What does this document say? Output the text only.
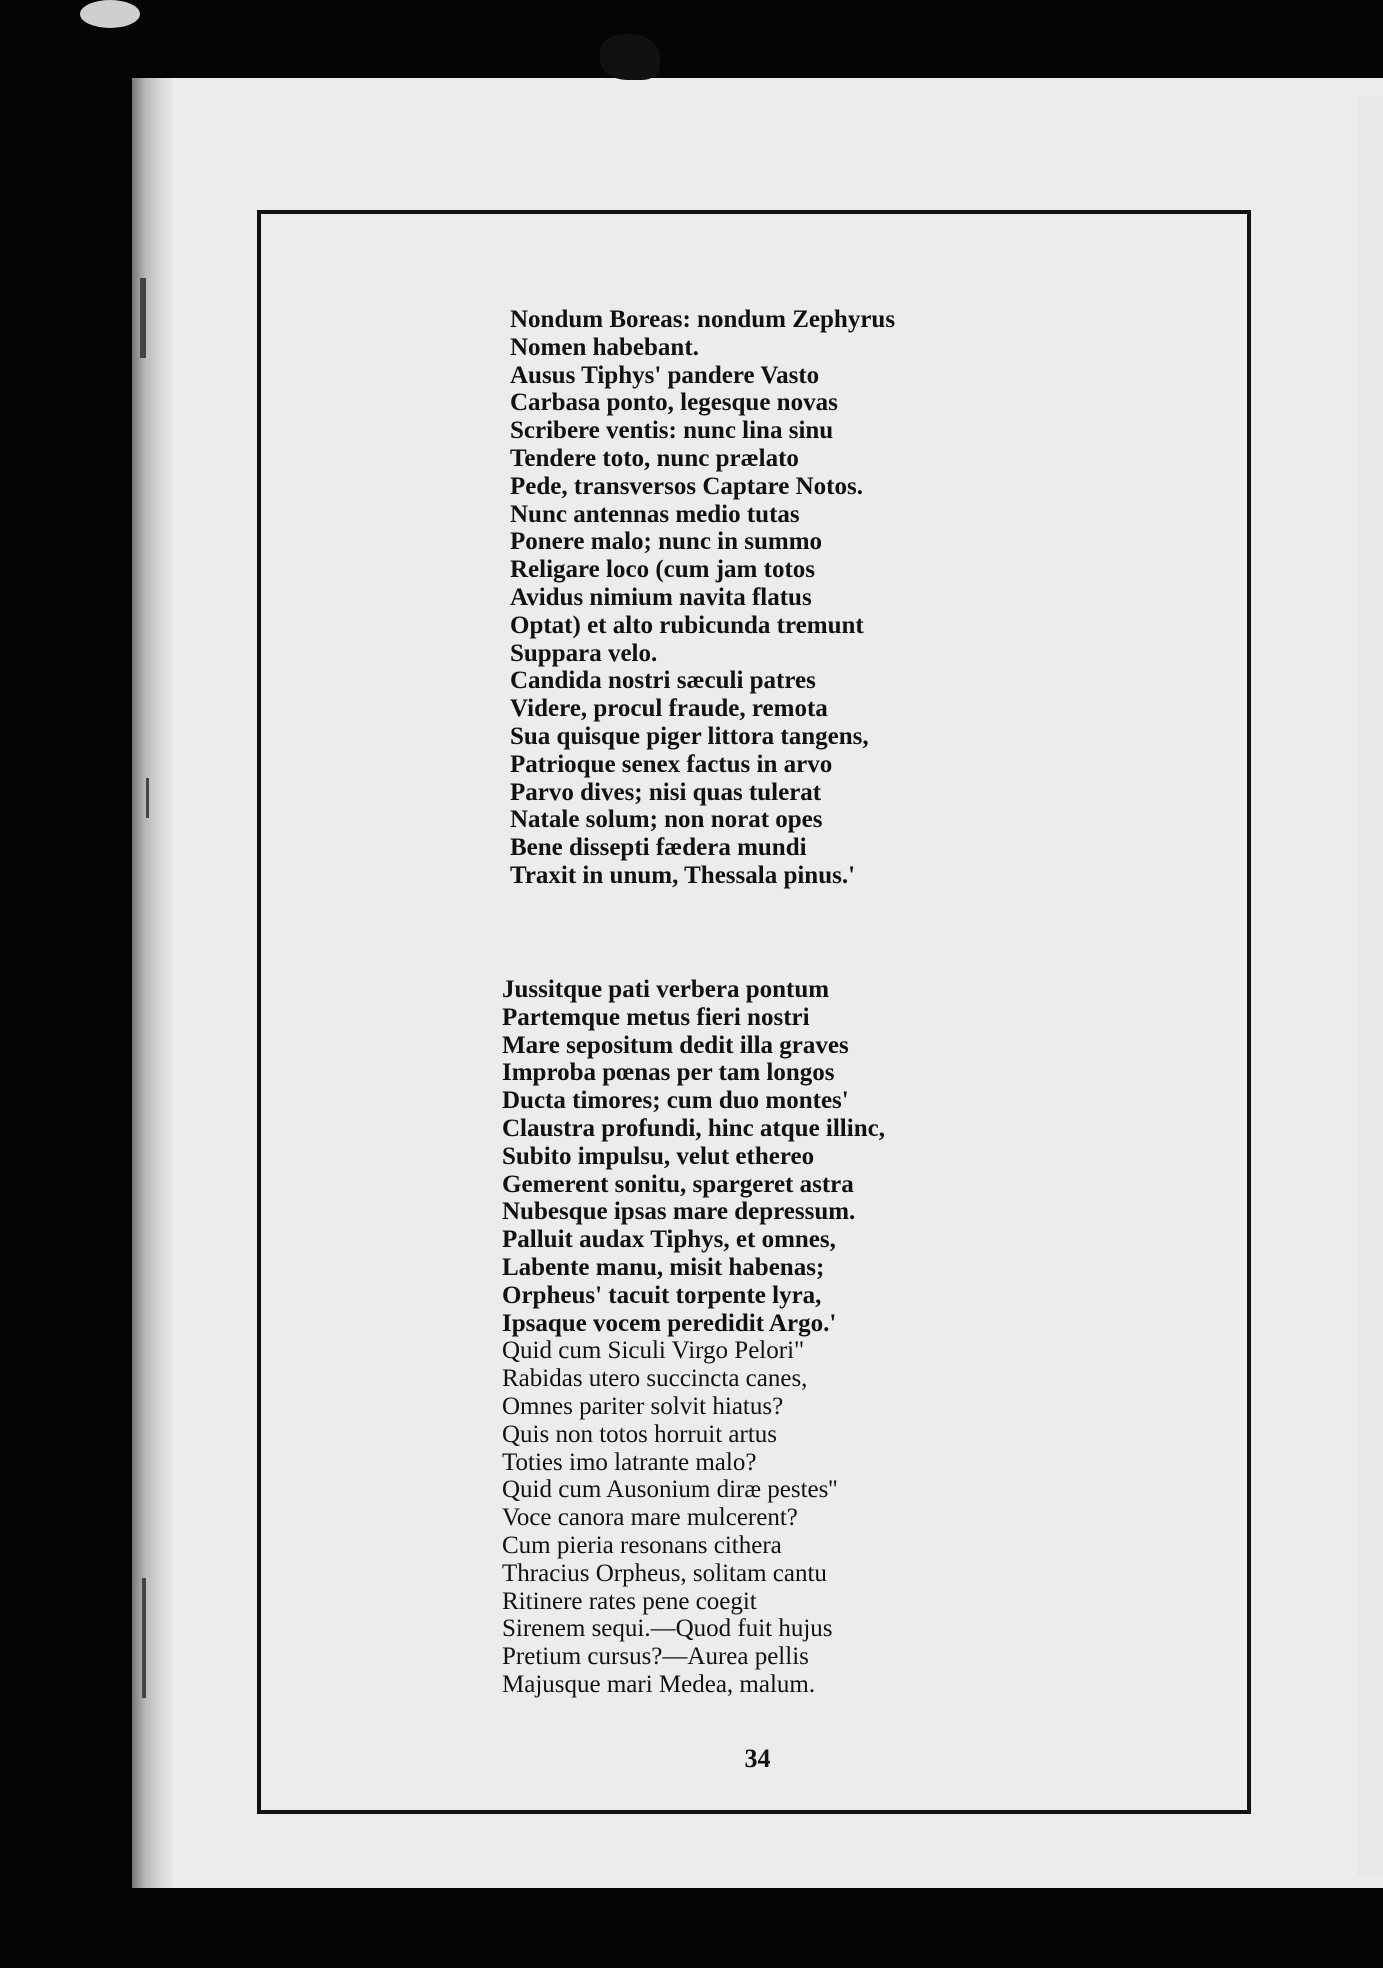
Nondum Boreas: nondum Zephyrus
Nomen habebant.
Ausus Tiphys' pandere Vasto
Carbasa ponto, legesque novas
Scribere ventis: nunc lina sinu
Tendere toto, nunc prælato
Pede, transversos Captare Notos.
Nunc antennas medio tutas
Ponere malo; nunc in summo
Religare loco (cum jam totos
Avidus nimium navita flatus
Optat) et alto rubicunda tremunt
Suppara velo.
Candida nostri sæculi patres
Videre, procul fraude, remota
Sua quisque piger littora tangens,
Patrioque senex factus in arvo
Parvo dives; nisi quas tulerat
Natale solum; non norat opes
Bene dissepti fædera mundi
Traxit in unum, Thessala pinus.'
Jussitque pati verbera pontum
Partemque metus fieri nostri
Mare sepositum dedit illa graves
Improba pœnas per tam longos
Ducta timores; cum duo montes'
Claustra profundi, hinc atque illinc,
Subito impulsu, velut ethereo
Gemerent sonitu, spargeret astra
Nubesque ipsas mare depressum.
Palluit audax Tiphys, et omnes,
Labente manu, misit habenas;
Orpheus' tacuit torpente lyra,
Ipsaque vocem peredidit Argo.'
Quid cum Siculi Virgo Pelori"
Rabidas utero succincta canes,
Omnes pariter solvit hiatus?
Quis non totos horruit artus
Toties imo latrante malo?
Quid cum Ausonium diræ pestes''
Voce canora mare mulcerent?
Cum pieria resonans cithera
Thracius Orpheus, solitam cantu
Ritinere rates pene coegit
Sirenem sequi.—Quod fuit hujus
Pretium cursus?—Aurea pellis
Majusque mari Medea, malum.
34
